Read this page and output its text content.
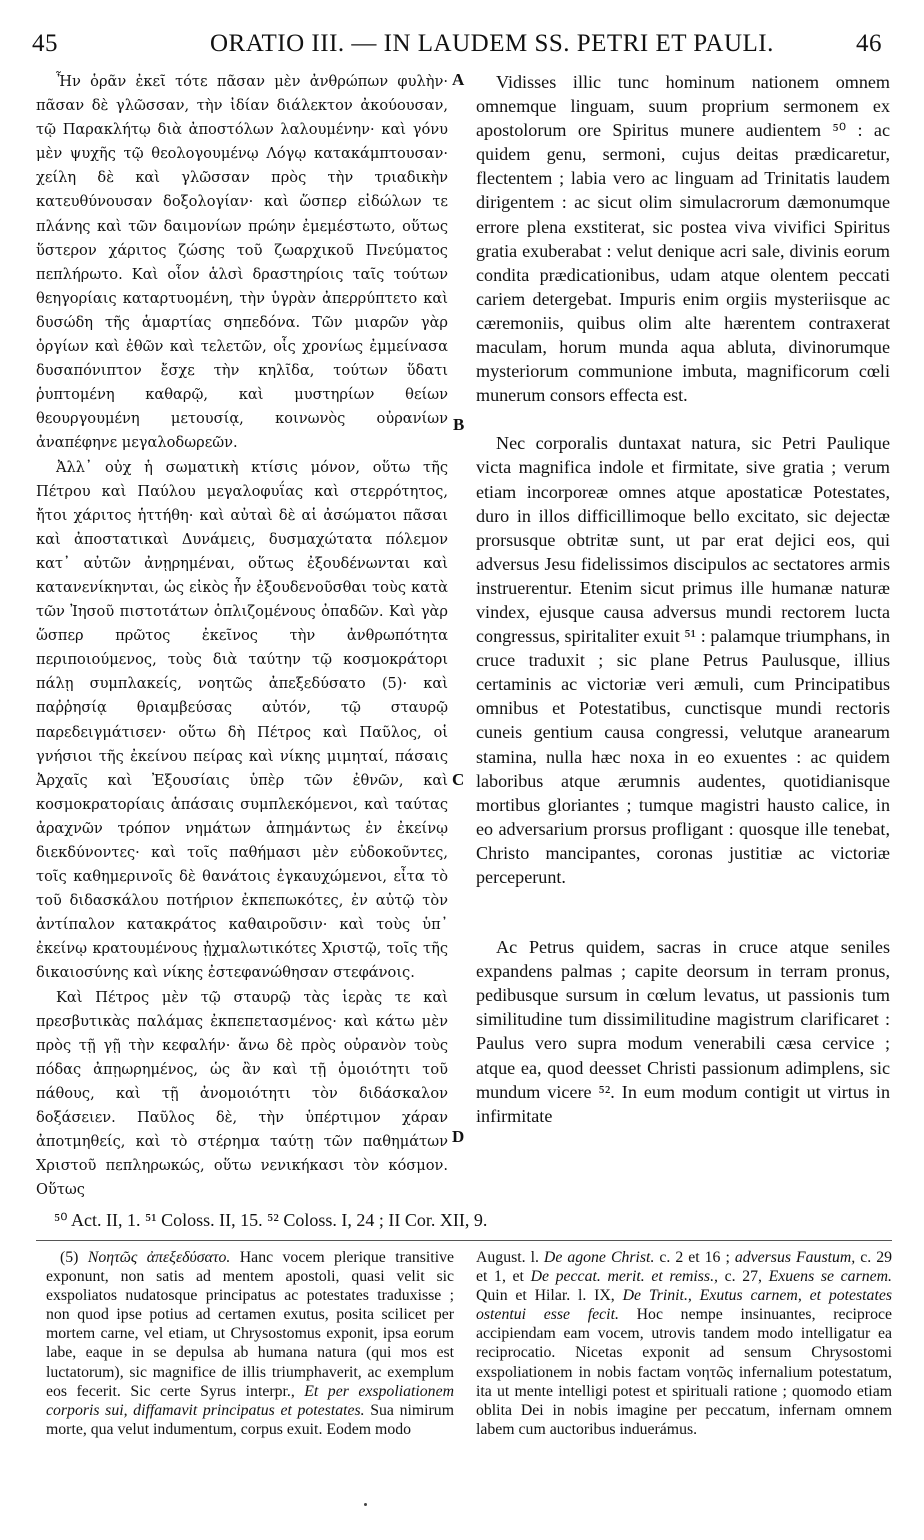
45	ORATIO III. — IN LAUDEM SS. PETRI ET PAULI.	46
A
B
C
D

Ἦν ὁρᾶν ἐκεῖ τότε πᾶσαν μὲν ἀνθρώπων φυλὴν· πᾶσαν δὲ γλῶσσαν, τὴν ἰδίαν διάλεκτον ἀκούουσαν, τῷ Παρακλήτῳ διὰ ἀποστόλων λαλουμένην· καὶ γόνυ μὲν ψυχῆς τῷ θεολογουμένῳ Λόγῳ κατακάμπτουσαν· χείλη δὲ καὶ γλῶσσαν πρὸς τὴν τριαδικὴν κατευθύνουσαν δοξολογίαν· καὶ ὥσπερ εἰδώλων τε πλάνης καὶ τῶν δαιμονίων πρώην ἐμεμέστωτο, οὕτως ὕστερον χάριτος ζώσης τοῦ ζωαρχικοῦ Πνεύματος πεπλήρωτο. Καὶ οἷον ἁλσὶ δραστηρίοις ταῖς τούτων θεηγορίαις καταρτυομένη, τὴν ὑγρὰν ἀπερρύπτετο καὶ δυσώδη τῆς ἁμαρτίας σηπεδόνα. Τῶν μιαρῶν γὰρ ὀργίων καὶ ἐθῶν καὶ τελετῶν, οἷς χρονίως ἐμμείνασα δυσαπόνιπτον ἔσχε τὴν κηλῖδα, τούτων ὕδατι ῥυπτομένη καθαρῷ, καὶ μυστηρίων θείων θεουργουμένη μετουσίᾳ, κοινωνὸς οὐρανίων ἀναπέφηνε μεγαλοδωρεῶν.

Ἀλλ᾽ οὐχ ἡ σωματικὴ κτίσις μόνον, οὕτω τῆς Πέτρου καὶ Παύλου μεγαλοφυΐας καὶ στερρότητος, ἤτοι χάριτος ἡττήθη· καὶ αὐταὶ δὲ αἱ ἀσώματοι πᾶσαι καὶ ἀποστατικαὶ Δυνάμεις, δυσμαχώτατα πόλεμον κατ᾽ αὐτῶν ἀνῃρημέναι, οὕτως ἐξουδένωνται καὶ κατανενίκηνται, ὡς εἰκὸς ἦν ἐξουδενοῦσθαι τοὺς κατὰ τῶν Ἰησοῦ πιστοτάτων ὁπλιζομένους ὀπαδῶν. Καὶ γὰρ ὥσπερ πρῶτος ἐκεῖνος τὴν ἀνθρωπότητα περιποιούμενος, τοὺς διὰ ταύτην τῷ κοσμοκράτορι πάλῃ συμπλακείς, νοητῶς ἀπεξεδύσατο (5)· καὶ παῤῥησίᾳ θριαμβεύσας αὐτόν, τῷ σταυρῷ παρεδειγμάτισεν· οὕτω δὴ Πέτρος καὶ Παῦλος, οἱ γνήσιοι τῆς ἐκείνου πείρας καὶ νίκης μιμηταί, πάσαις Ἀρχαῖς καὶ Ἐξουσίαις ὑπὲρ τῶν ἐθνῶν, καὶ κοσμοκρατορίαις ἁπάσαις συμπλεκόμενοι, καὶ ταύτας ἀραχνῶν τρόπον νημάτων ἀπημάντως ἐν ἐκείνῳ διεκδύνοντες· καὶ τοῖς παθήμασι μὲν εὐδοκοῦντες, τοῖς καθημερινοῖς δὲ θανάτοις ἐγκαυχώμενοι, εἶτα τὸ τοῦ διδασκάλου ποτήριον ἐκπεπωκότες, ἐν αὐτῷ τὸν ἀντίπαλον κατακράτος καθαιροῦσιν· καὶ τοὺς ὑπ᾽ ἐκείνῳ κρατουμένους ᾐχμαλωτικότες Χριστῷ, τοῖς τῆς δικαιοσύνης καὶ νίκης ἐστεφανώθησαν στεφάνοις.

Καὶ Πέτρος μὲν τῷ σταυρῷ τὰς ἱερὰς τε καὶ πρεσβυτικὰς παλάμας ἐκπεπετασμένος· καὶ κάτω μὲν πρὸς τῇ γῇ τὴν κεφαλήν· ἄνω δὲ πρὸς οὐρανὸν τοὺς πόδας ἀπῃωρημένος, ὡς ἂν καὶ τῇ ὁμοιότητι τοῦ πάθους, καὶ τῇ ἀνομοιότητι τὸν διδάσκαλον δοξάσειεν. Παῦλος δὲ, τὴν ὑπέρτιμον χάραν ἀποτμηθείς, καὶ τὸ στέρημα ταύτῃ τῶν παθημάτων Χριστοῦ πεπληρωκώς, οὕτω νενικήκασι τὸν κόσμον. Οὕτως

Vidisses illic tunc hominum nationem omnem omnemque linguam, suum proprium sermonem ex apostolorum ore Spiritus munere audientem ⁵⁰ : ac quidem genu, sermoni, cujus deitas prædicaretur, flectentem ; labia vero ac linguam ad Trinitatis laudem dirigentem : ac sicut olim simulacrorum dæmonumque errore plena exstiterat, sic postea viva vivifici Spiritus gratia exuberabat : velut denique acri sale, divinis eorum condita prædicationibus, udam atque olentem peccati cariem detergebat. Impuris enim orgiis mysteriisque ac cæremoniis, quibus olim alte hærentem contraxerat maculam, horum munda aqua abluta, divinorumque mysteriorum communione imbuta, magnificorum cœli munerum consors effecta est.

Nec corporalis duntaxat natura, sic Petri Paulique victa magnifica indole et firmitate, sive gratia ; verum etiam incorporeæ omnes atque apostaticæ Potestates, duro in illos difficillimoque bello excitato, sic dejectæ prorsusque obtritæ sunt, ut par erat dejici eos, qui adversus Jesu fidelissimos discipulos ac sectatores armis instruerentur. Etenim sicut primus ille humanæ naturæ vindex, ejusque causa adversus mundi rectorem lucta congressus, spiritaliter exuit ⁵¹ : palamque triumphans, in cruce traduxit ; sic plane Petrus Paulusque, illius certaminis ac victoriæ veri æmuli, cum Principatibus omnibus et Potestatibus, cunctisque mundi rectoris cuneis gentium causa congressi, velutque aranearum stamina, nulla hæc noxa in eo exuentes : ac quidem laboribus atque ærumnis audentes, quotidianisque mortibus gloriantes ; tumque magistri hausto calice, in eo adversarium prorsus profligant : quosque ille tenebat, Christo mancipantes, coronas justitiæ ac victoriæ perceperunt.

Ac Petrus quidem, sacras in cruce atque seniles expandens palmas ; capite deorsum in terram pronus, pedibusque sursum in cœlum levatus, ut passionis tum similitudine tum dissimilitudine magistrum clarificaret : Paulus vero supra modum venerabili cæsa cervice ; atque ea, quod deesset Christi passionum adimplens, sic mundum vicere ⁵². In eum modum contigit ut virtus in infirmitate

⁵⁰ Act. II, 1. ⁵¹ Coloss. II, 15. ⁵² Coloss. I, 24 ; II Cor. XII, 9.

(5) Νοητῶς ἀπεξεδύσατο. Hanc vocem plerique transitive exponunt, non satis ad mentem apostoli, quasi velit sic exspoliatos nudatosque principatus ac potestates traduxisse ; non quod ipse potius ad certamen exutus, posita scilicet per mortem carne, vel etiam, ut Chrysostomus exponit, ipsa eorum labe, eaque in se depulsa ab humana natura (qui mos est luctatorum), sic magnifice de illis triumphaverit, ac exemplum eos fecerit. Sic certe Syrus interpr., Et per exspoliationem corporis sui, diffamavit principatus et potestates. Sua nimirum morte, qua velut indumentum, corpus exuit. Eodem modo

August. l. De agone Christ. c. 2 et 16 ; adversus Faustum, c. 29 et 1, et De peccat. merit. et remiss., c. 27, Exuens se carnem. Quin et Hilar. l. IX, De Trinit., Exutus carnem, et potestates ostentui esse fecit. Hoc nempe insinuantes, reciproce accipiendam eam vocem, utrovis tandem modo intelligatur ea reciprocatio. Nicetas exponit ad sensum Chrysostomi exspoliationem in nobis factam νοητῶς infernalium potestatum, ita ut mente intelligi potest et spirituali ratione ; quomodo etiam oblita Dei in nobis imagine per peccatum, infernam omnem labem cum auctoribus induerámus.
